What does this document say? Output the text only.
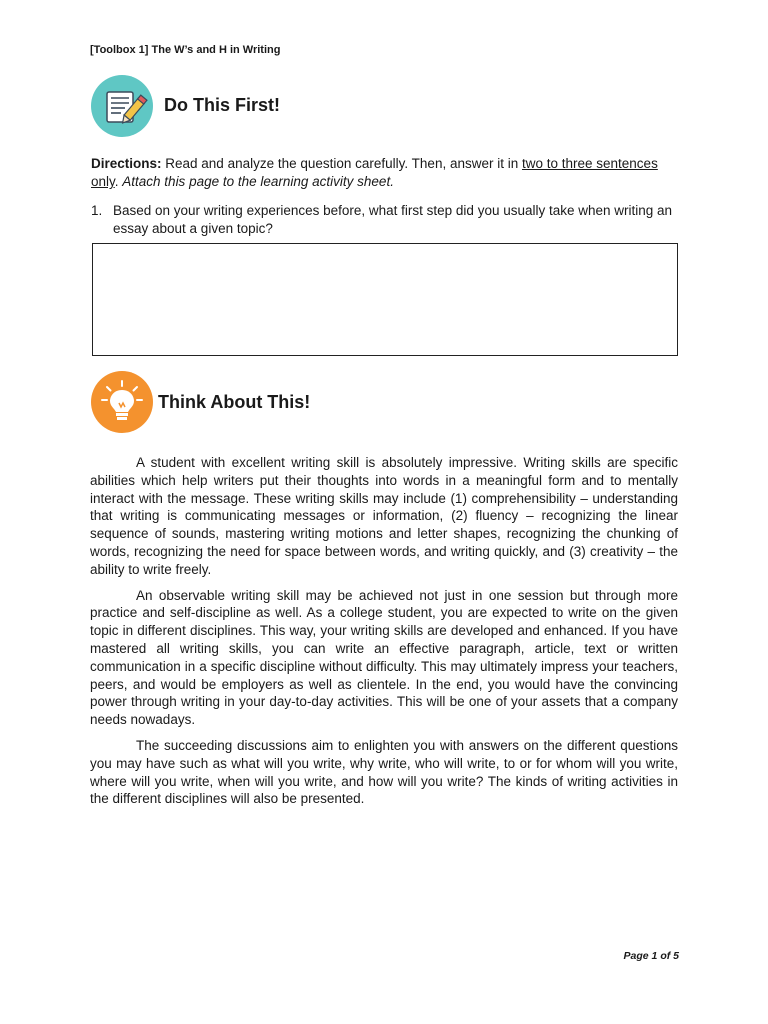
[Toolbox 1] The W’s and H in Writing
Do This First!
Directions: Read and analyze the question carefully. Then, answer it in two to three sentences only. Attach this page to the learning activity sheet.
1. Based on your writing experiences before, what first step did you usually take when writing an essay about a given topic?
Think About This!

A student with excellent writing skill is absolutely impressive. Writing skills are specific abilities which help writers put their thoughts into words in a meaningful form and to mentally interact with the message. These writing skills may include (1) comprehensibility – understanding that writing is communicating messages or information, (2) fluency – recognizing the linear sequence of sounds, mastering writing motions and letter shapes, recognizing the chunking of words, recognizing the need for space between words, and writing quickly, and (3) creativity – the ability to write freely.

An observable writing skill may be achieved not just in one session but through more practice and self-discipline as well. As a college student, you are expected to write on the given topic in different disciplines. This way, your writing skills are developed and enhanced. If you have mastered all writing skills, you can write an effective paragraph, article, text or written communication in a specific discipline without difficulty. This may ultimately impress your teachers, peers, and would be employers as well as clientele. In the end, you would have the convincing power through writing in your day-to-day activities. This will be one of your assets that a company needs nowadays.

The succeeding discussions aim to enlighten you with answers on the different questions you may have such as what will you write, why write, who will write, to or for whom will you write, where will you write, when will you write, and how will you write? The kinds of writing activities in the different disciplines will also be presented.

Page 1 of 5
